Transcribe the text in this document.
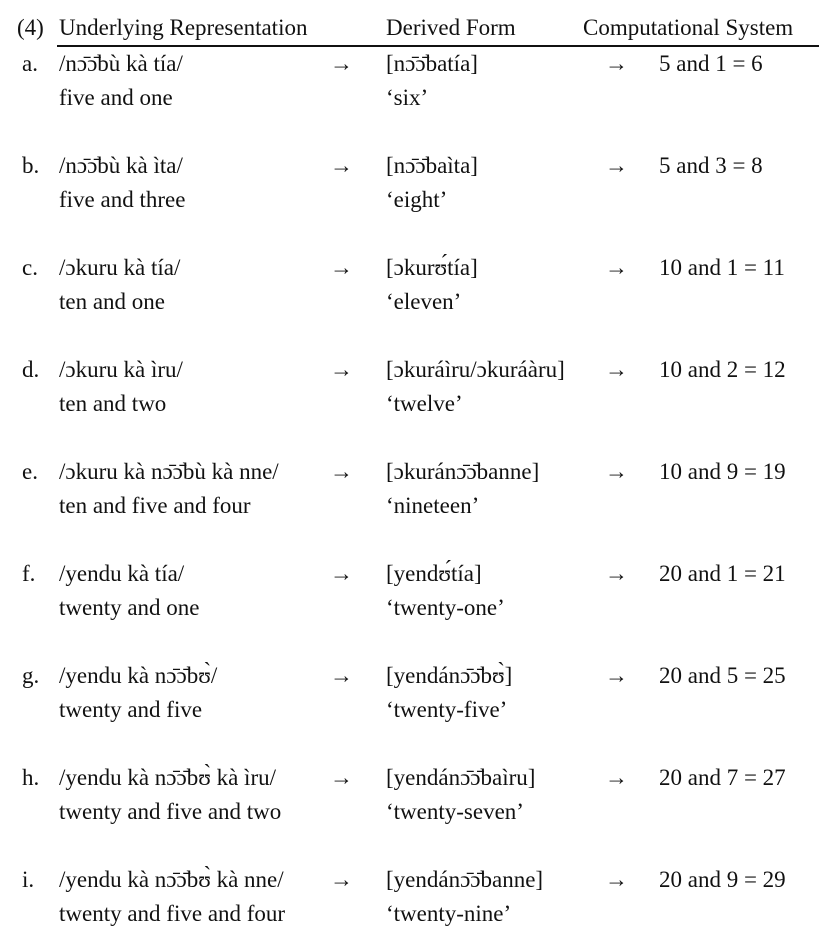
(4) Underlying Representation	Derived Form	Computational System
a. /nɔ̄ɔ̄bù kà tía/
five and one
→ [nɔ̄ɔ̄batía]
‘six’
→ 5 and 1 = 6
b. /nɔ̄ɔ̄bù kà ìta/
five and three
→ [nɔ̄ɔ̄baìta]
‘eight’
→ 5 and 3 = 8
c. /ɔkuru kà tía/
ten and one
→ [ɔkurʊ́tía]
‘eleven’
→ 10 and 1 = 11
d. /ɔkuru kà ìru/
ten and two
→ [ɔkuráìru/ɔkuráàru]
‘twelve’
→ 10 and 2 = 12
e. /ɔkuru kà nɔ̄ɔ̄bù kà nne/
ten and five and four
→ [ɔkuránɔ̄ɔ̄banne]
‘nineteen’
→ 10 and 9 = 19
f. /yendu kà tía/
twenty and one
→ [yendʊ́tía]
‘twenty-one’
→ 20 and 1 = 21
g. /yendu kà nɔ̄ɔ̄bʊ̀/
twenty and five
→ [yendánɔ̄ɔ̄bʊ̀]
‘twenty-five’
→ 20 and 5 = 25
h. /yendu kà nɔ̄ɔ̄bʊ̀ kà ìru/
twenty and five and two
→ [yendánɔ̄ɔ̄baìru]
‘twenty-seven’
→ 20 and 7 = 27
i. /yendu kà nɔ̄ɔ̄bʊ̀ kà nne/
twenty and five and four
→ [yendánɔ̄ɔ̄banne]
‘twenty-nine’
→ 20 and 9 = 29
